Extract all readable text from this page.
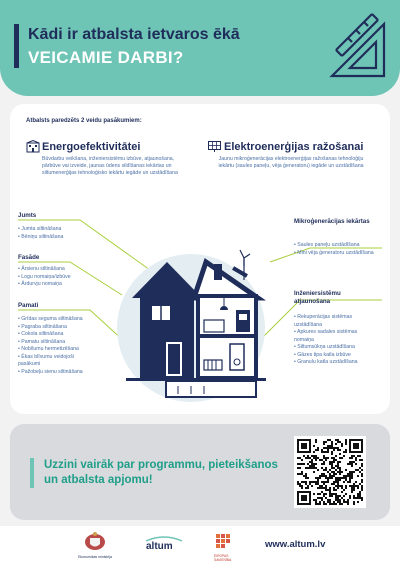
Kādi ir atbalsta ietvaros ēkā
VEICAMIE DARBI?
Atbalsts paredzēts 2 veidu pasākumiem:
Energoefektivitātei
Būvdarbu veikšana, inženiersistēmu izbūve, atjaunošana, pārbūve vai izveide, jaunas ūdens sildīšanas iekārtas un siltumenerģijas tehnoloģisko iekārtu iegāde un uzstādīšana
Elektroenerģijas ražošanai
Jaunu mikroģenerācijas elektroenerģijas ražošanas tehnoloģiju iekārtu (saules paneļu, vēja ģeneratoru) iegāde un uzstādīšana
Jumts
• Jumta siltināšana
• Bēniņu siltināšana
Fasāde
• Ārsienu siltināšana
• Logu nomaiņa/izbūve
• Ārdurvju nomaiņa
Pamati
• Grīdas seguma siltināšana
• Pagraba siltināšana
• Cokola siltināšana
• Pamatu siltināšana
• Nobīlumu hermetizēšana
• Ēkas blīvumu veidojoši pasākumi
• Pažobeļu sienu siltināšana
Mikroģenerācijas iekārtas
• Saules paneļu uzstādīšana
• Mini vēja ģeneratoru uzstādīšana
Inženiersistēmu atjaunošana
• Rekuperācijas sistēmas uzstādīšana
• Apkures sadales sistēmas nomaiņa
• Siltumsūkņa uzstādīšana
• Gāzes tipa katla izbūve
• Granulu katla uzstādīšana
Uzzini vairāk par programmu, pieteikšanos un atbalsta apjomu!
Ekonomikas ministrija
altum
EIROPAS SAVIENĪBA
www.altum.lv
